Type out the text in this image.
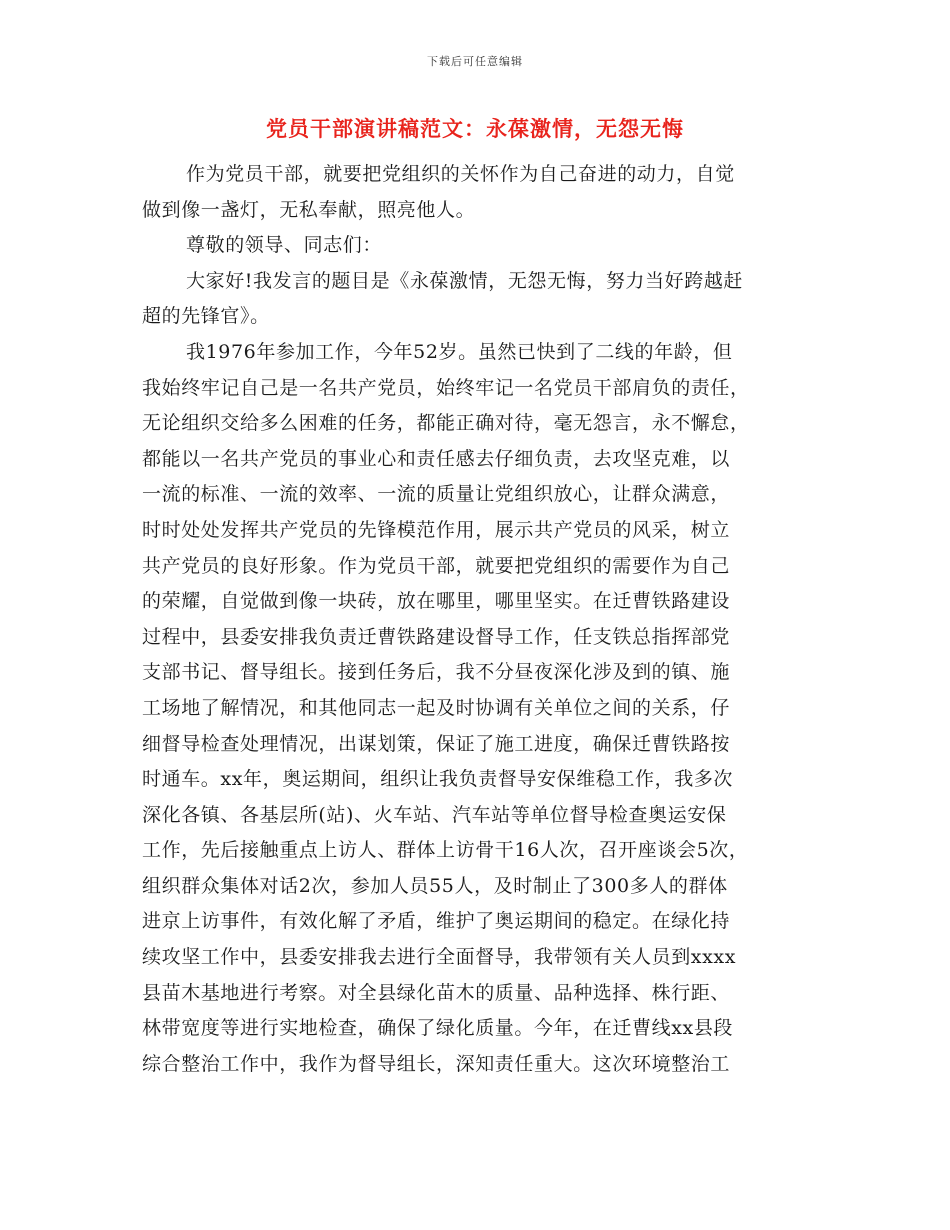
下载后可任意编辑
党员干部演讲稿范文：永葆激情，无怨无悔
作为党员干部，就要把党组织的关怀作为自己奋进的动力，自觉
做到像一盏灯，无私奉献，照亮他人。
尊敬的领导、同志们：
大家好!我发言的题目是《永葆激情，无怨无悔，努力当好跨越赶
超的先锋官》。
我1976年参加工作，今年52岁。虽然已快到了二线的年龄，但
我始终牢记自己是一名共产党员，始终牢记一名党员干部肩负的责任，
无论组织交给多么困难的任务，都能正确对待，毫无怨言，永不懈怠，
都能以一名共产党员的事业心和责任感去仔细负责，去攻坚克难，以
一流的标准、一流的效率、一流的质量让党组织放心，让群众满意，
时时处处发挥共产党员的先锋模范作用，展示共产党员的风采，树立
共产党员的良好形象。作为党员干部，就要把党组织的需要作为自己
的荣耀，自觉做到像一块砖，放在哪里，哪里坚实。在迁曹铁路建设
过程中，县委安排我负责迁曹铁路建设督导工作，任支铁总指挥部党
支部书记、督导组长。接到任务后，我不分昼夜深化涉及到的镇、施
工场地了解情况，和其他同志一起及时协调有关单位之间的关系，仔
细督导检查处理情况，出谋划策，保证了施工进度，确保迁曹铁路按
时通车。xx年，奥运期间，组织让我负责督导安保维稳工作，我多次
深化各镇、各基层所(站)、火车站、汽车站等单位督导检查奥运安保
工作，先后接触重点上访人、群体上访骨干16人次，召开座谈会5次，
组织群众集体对话2次，参加人员55人，及时制止了300多人的群体
进京上访事件，有效化解了矛盾，维护了奥运期间的稳定。在绿化持
续攻坚工作中，县委安排我去进行全面督导，我带领有关人员到xxxx
县苗木基地进行考察。对全县绿化苗木的质量、品种选择、株行距、
林带宽度等进行实地检查，确保了绿化质量。今年，在迁曹线xx县段
综合整治工作中，我作为督导组长，深知责任重大。这次环境整治工
